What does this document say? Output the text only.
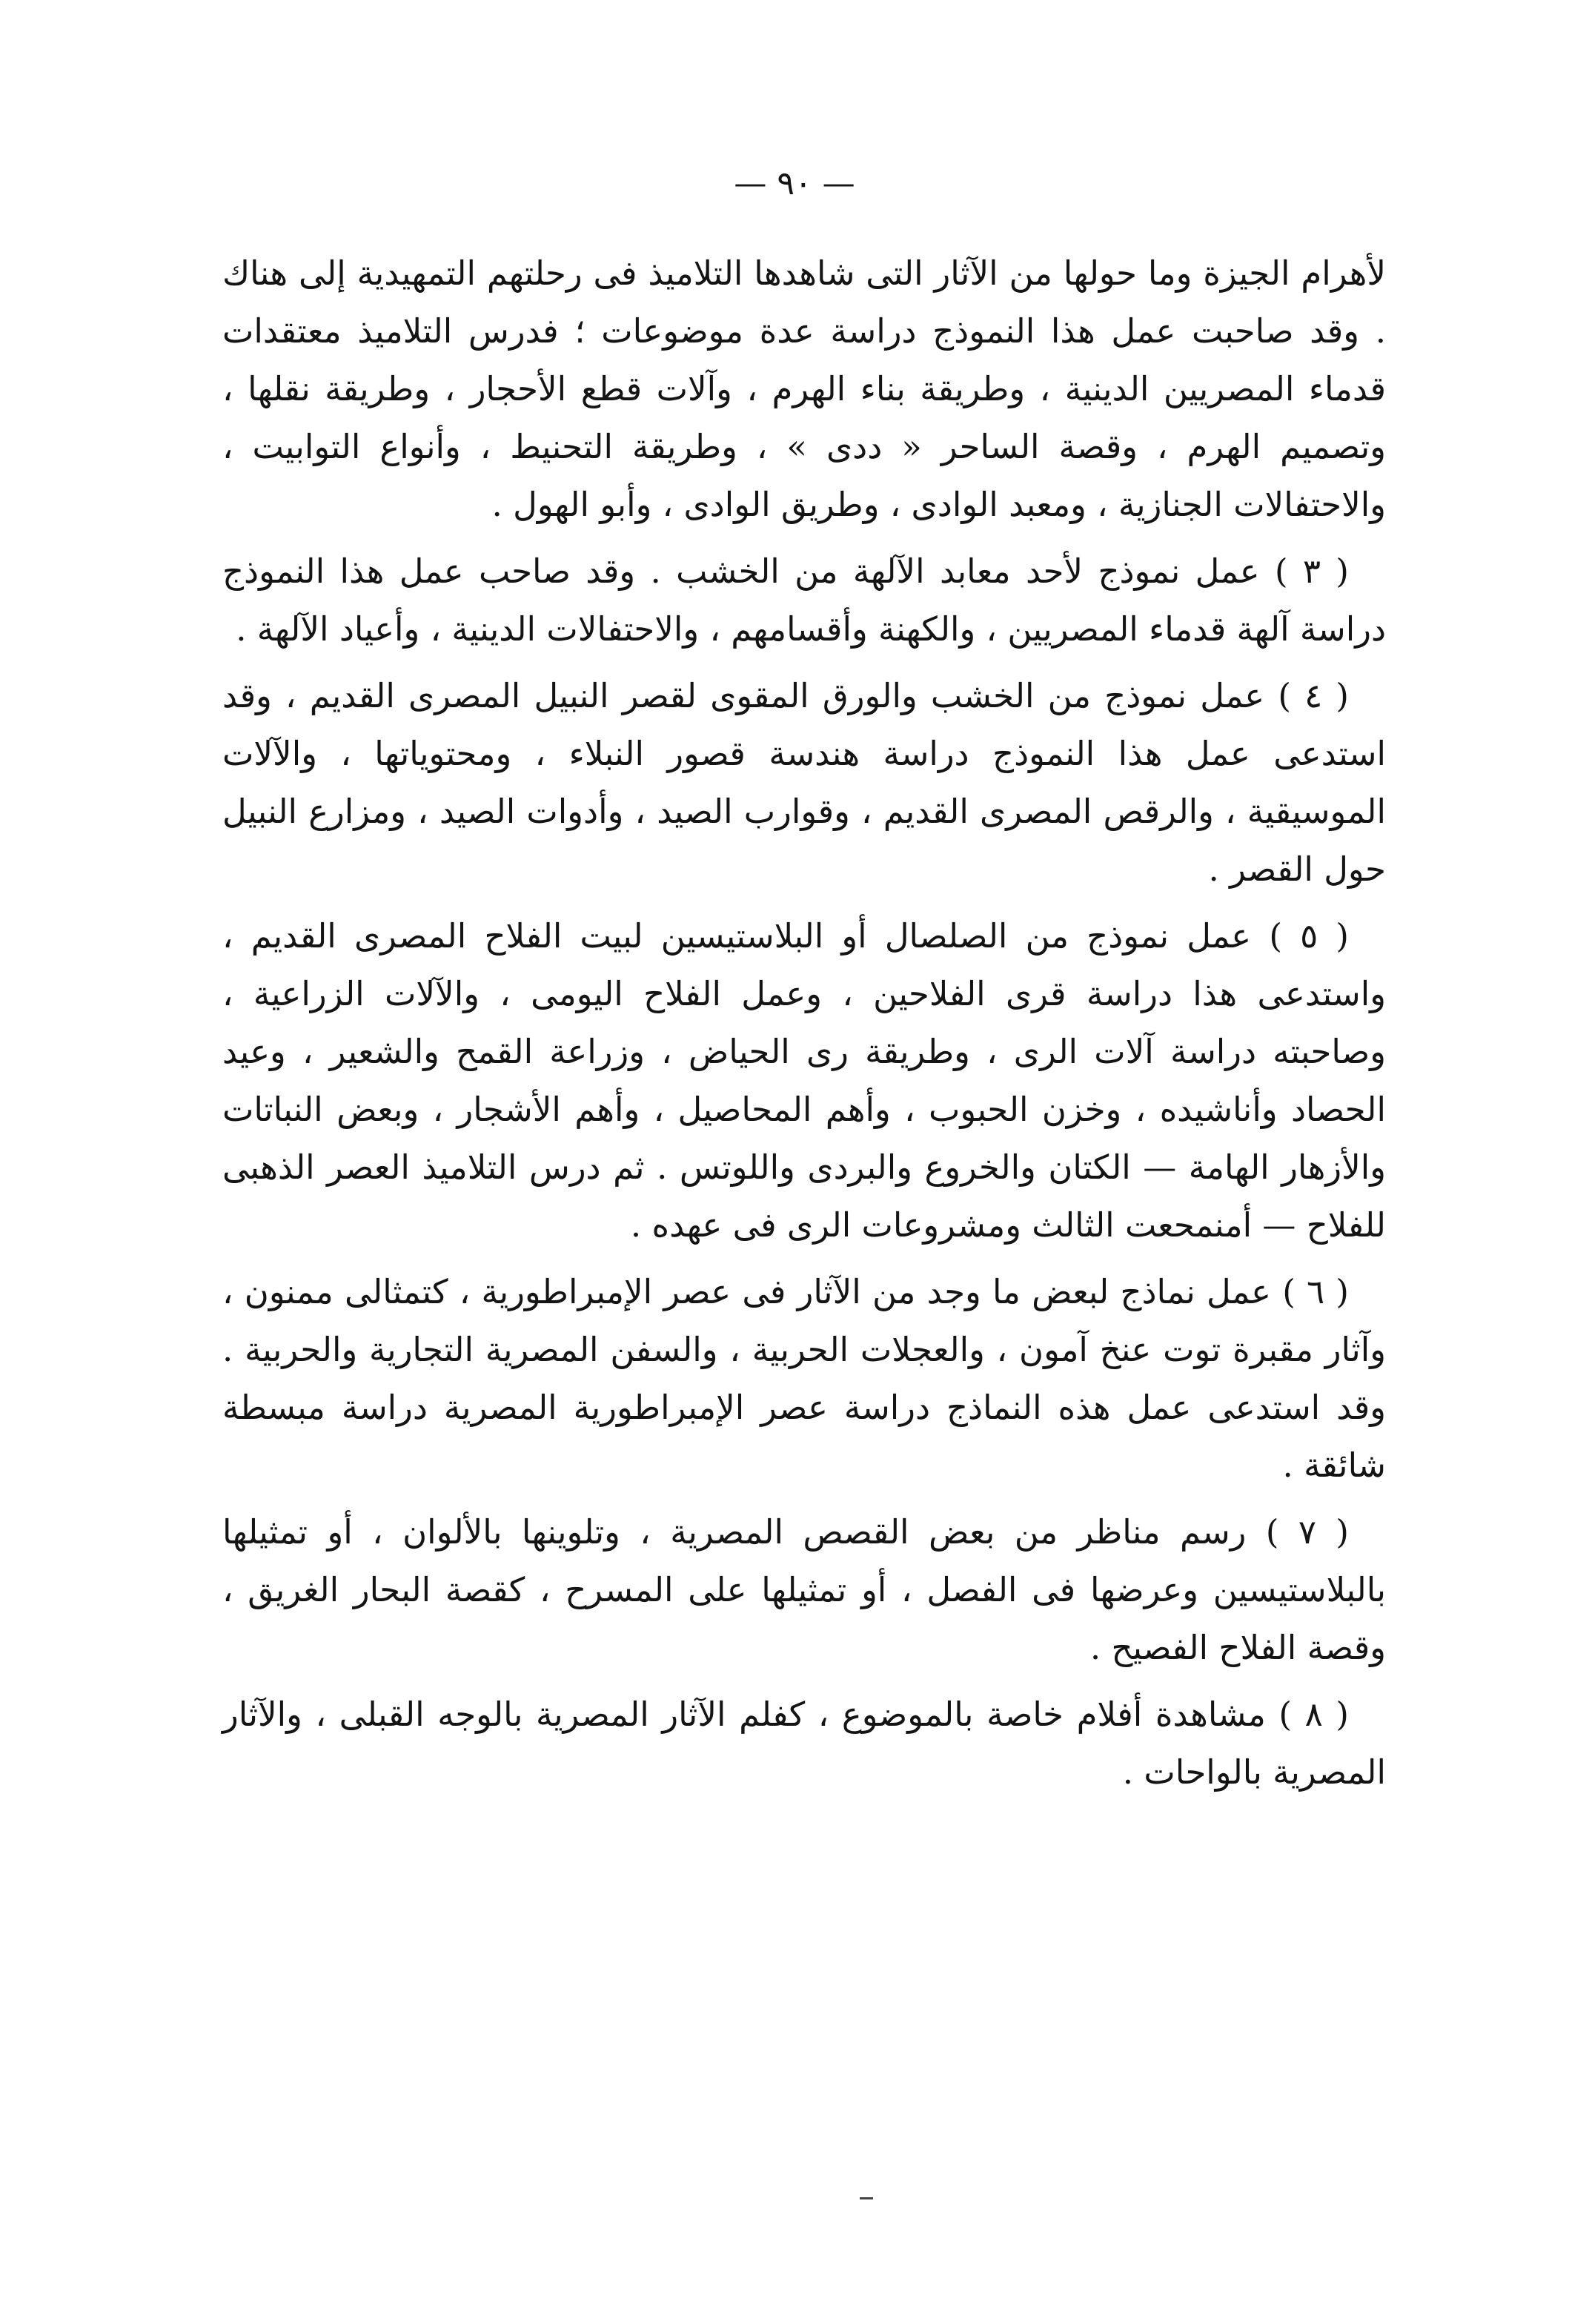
— ٩٠ —

لأهرام الجيزة وما حولها من الآثار التى شاهدها التلاميذ فى رحلتهم التمهيدية إلى هناك . وقد صاحبت عمل هذا النموذج دراسة عدة موضوعات ؛ فدرس التلاميذ معتقدات قدماء المصريين الدينية ، وطريقة بناء الهرم ، وآلات قطع الأحجار ، وطريقة نقلها ، وتصميم الهرم ، وقصة الساحر « ددى » ، وطريقة التحنيط ، وأنواع التوابيت ، والاحتفالات الجنازية ، ومعبد الوادى ، وطريق الوادى ، وأبو الهول .

( ٣ ) عمل نموذج لأحد معابد الآلهة من الخشب . وقد صاحب عمل هذا النموذج دراسة آلهة قدماء المصريين ، والكهنة وأقسامهم ، والاحتفالات الدينية ، وأعياد الآلهة .

( ٤ ) عمل نموذج من الخشب والورق المقوى لقصر النبيل المصرى القديم ، وقد استدعى عمل هذا النموذج دراسة هندسة قصور النبلاء ، ومحتوياتها ، والآلات الموسيقية ، والرقص المصرى القديم ، وقوارب الصيد ، وأدوات الصيد ، ومزارع النبيل حول القصر .

( ٥ ) عمل نموذج من الصلصال أو البلاستيسين لبيت الفلاح المصرى القديم ، واستدعى هذا دراسة قرى الفلاحين ، وعمل الفلاح اليومى ، والآلات الزراعية ، وصاحبته دراسة آلات الرى ، وطريقة رى الحياض ، وزراعة القمح والشعير ، وعيد الحصاد وأناشيده ، وخزن الحبوب ، وأهم المحاصيل ، وأهم الأشجار ، وبعض النباتات والأزهار الهامة — الكتان والخروع والبردى واللوتس . ثم درس التلاميذ العصر الذهبى للفلاح — أمنمحعت الثالث ومشروعات الرى فى عهده .

( ٦ ) عمل نماذج لبعض ما وجد من الآثار فى عصر الإمبراطورية ، كتمثالى ممنون ، وآثار مقبرة توت عنخ آمون ، والعجلات الحربية ، والسفن المصرية التجارية والحربية . وقد استدعى عمل هذه النماذج دراسة عصر الإمبراطورية المصرية دراسة مبسطة شائقة .

( ٧ ) رسم مناظر من بعض القصص المصرية ، وتلوينها بالألوان ، أو تمثيلها بالبلاستيسين وعرضها فى الفصل ، أو تمثيلها على المسرح ، كقصة البحار الغريق ، وقصة الفلاح الفصيح .

( ٨ ) مشاهدة أفلام خاصة بالموضوع ، كفلم الآثار المصرية بالوجه القبلى ، والآثار المصرية بالواحات .
